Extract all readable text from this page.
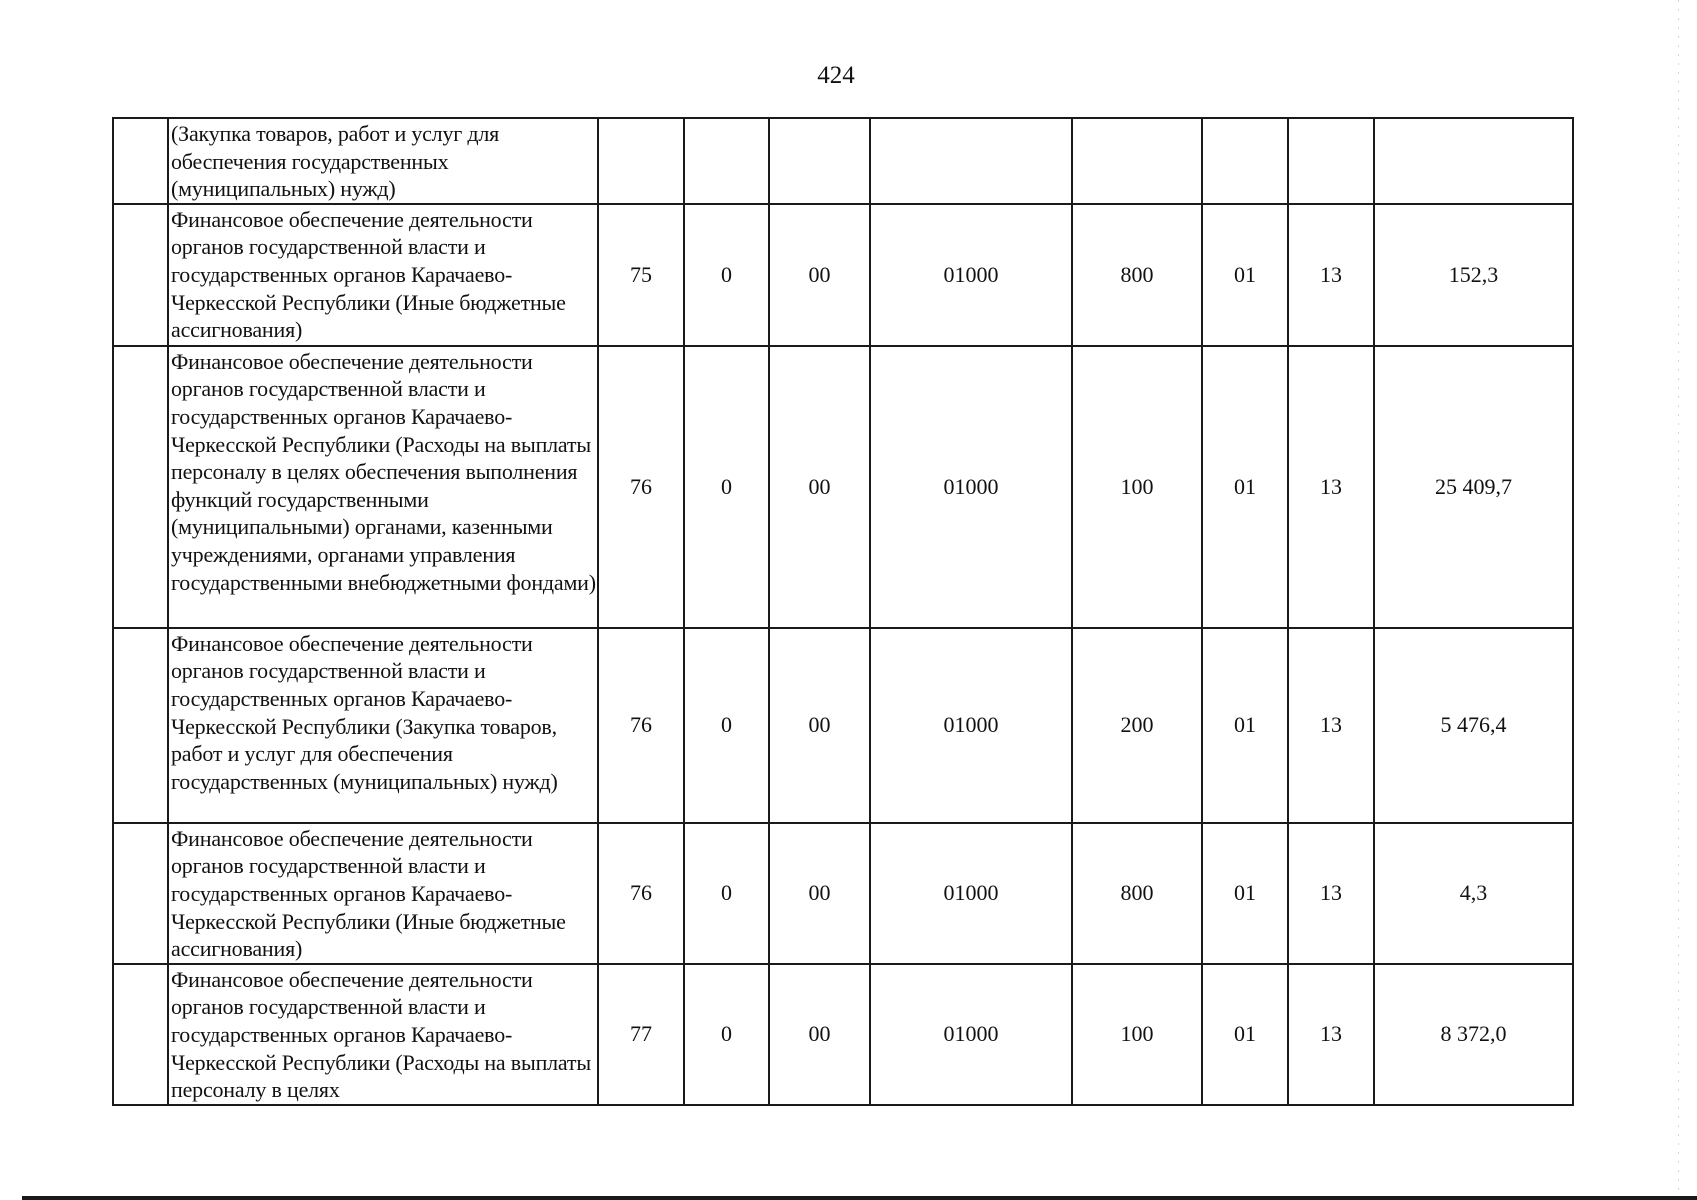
424
	(Закупка товаров, работ и услуг для обеспечения государственных (муниципальных) нужд)								
	Финансовое обеспечение деятельности органов государственной власти и государственных органов Карачаево-Черкесской Республики (Иные бюджетные ассигнования)	75	0	00	01000	800	01	13	152,3
	Финансовое обеспечение деятельности органов государственной власти и государственных органов Карачаево-Черкесской Республики (Расходы на выплаты персоналу в целях обеспечения выполнения функций государственными (муниципальными) органами, казенными учреждениями, органами управления государственными внебюджетными фондами)	76	0	00	01000	100	01	13	25 409,7
	Финансовое обеспечение деятельности органов государственной власти и государственных органов Карачаево-Черкесской Республики (Закупка товаров, работ и услуг для обеспечения государственных (муниципальных) нужд)	76	0	00	01000	200	01	13	5 476,4
	Финансовое обеспечение деятельности органов государственной власти и государственных органов Карачаево-Черкесской Республики (Иные бюджетные ассигнования)	76	0	00	01000	800	01	13	4,3
	Финансовое обеспечение деятельности органов государственной власти и государственных органов Карачаево-Черкесской Республики (Расходы на выплаты персоналу в целях	77	0	00	01000	100	01	13	8 372,0
